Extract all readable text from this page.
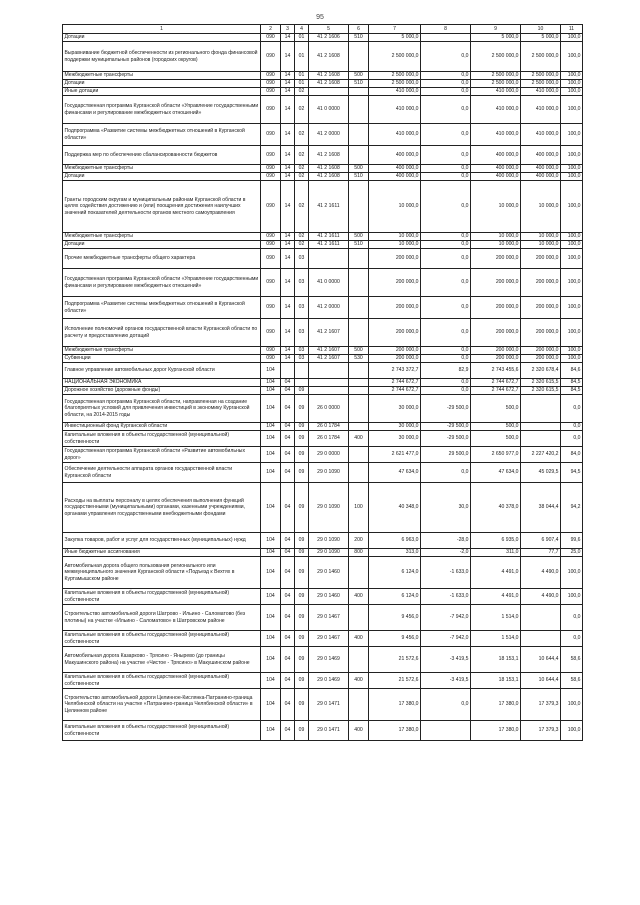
95
1	2	3	4	5	6	7	8	9	10	11
Дотации	090	14	01	41 2 1606	510	5 000,0		5 000,0	5 000,0	100,0
Выравнивание бюджетной обеспеченности из регионального фонда финансовой поддержки муниципальных районов (городских округов)	090	14	01	41 2 1608		2 500 000,0	0,0	2 500 000,0	2 500 000,0	100,0
Межбюджетные трансферты	090	14	01	41 2 1608	500	2 500 000,0	0,0	2 500 000,0	2 500 000,0	100,0
Дотации	090	14	01	41 2 1608	510	2 500 000,0	0,0	2 500 000,0	2 500 000,0	100,0
Иные дотации	090	14	02			410 000,0	0,0	410 000,0	410 000,0	100,0
Государственная программа Курганской области «Управление государственными финансами и регулирование межбюджетных отношений»	090	14	02	41 0 0000		410 000,0	0,0	410 000,0	410 000,0	100,0
Подпрограмма «Развитие системы межбюджетных отношений в Курганской области»	090	14	02	41 2 0000		410 000,0	0,0	410 000,0	410 000,0	100,0
Поддержка мер по обеспечению сбалансированности бюджетов	090	14	02	41 2 1608		400 000,0	0,0	400 000,0	400 000,0	100,0
Межбюджетные трансферты	090	14	02	41 2 1608	500	400 000,0	0,0	400 000,0	400 000,0	100,0
Дотации	090	14	02	41 2 1608	510	400 000,0	0,0	400 000,0	400 000,0	100,0
Гранты городским округам и муниципальным районам Курганской области в целях содействия достижению и (или) поощрения достижения наилучших значений показателей деятельности органов местного самоуправления	090	14	02	41 2 1611		10 000,0	0,0	10 000,0	10 000,0	100,0
Межбюджетные трансферты	090	14	02	41 2 1611	500	10 000,0	0,0	10 000,0	10 000,0	100,0
Дотации	090	14	02	41 2 1611	510	10 000,0	0,0	10 000,0	10 000,0	100,0
Прочие межбюджетные трансферты общего характера	090	14	03			200 000,0	0,0	200 000,0	200 000,0	100,0
Государственная программа Курганской области «Управление государственными финансами и регулирование межбюджетных отношений»	090	14	03	41 0 0000		200 000,0	0,0	200 000,0	200 000,0	100,0
Подпрограмма «Развитие системы межбюджетных отношений в Курганской области»	090	14	03	41 2 0000		200 000,0	0,0	200 000,0	200 000,0	100,0
Исполнение полномочий органов государственной власти Курганской области по расчету и предоставлению дотаций	090	14	03	41 2 1607		200 000,0	0,0	200 000,0	200 000,0	100,0
Межбюджетные трансферты	090	14	03	41 2 1607	500	200 000,0	0,0	200 000,0	200 000,0	100,0
Субвенции	090	14	03	41 2 1607	530	200 000,0	0,0	200 000,0	200 000,0	100,0
Главное управление автомобильных дорог Курганской области	104					2 743 372,7	82,9	2 743 455,6	2 320 678,4	84,6
НАЦИОНАЛЬНАЯ ЭКОНОМИКА	104	04				2 744 672,7	0,0	2 744 672,7	2 320 615,5	84,5
Дорожное хозяйство (дорожные фонды)	104	04	09			2 744 672,7	0,0	2 744 672,7	2 320 615,5	84,5
Государственная программа Курганской области, направленная на создание благоприятных условий для привлечения инвестиций в экономику Курганской области, на 2014-2015 годы	104	04	09	26 0 0000		30 000,0	-29 500,0	500,0		0,0
Инвестиционный фонд Курганской области	104	04	09	26 0 1784		30 000,0	-29 500,0	500,0		0,0
Капитальные вложения в объекты государственной (муниципальной) собственности	104	04	09	26 0 1784	400	30 000,0	-29 500,0	500,0		0,0
Государственная программа Курганской области «Развитие автомобильных дорог»	104	04	09	29 0 0000		2 621 477,0	29 500,0	2 650 977,0	2 227 420,2	84,0
Обеспечение деятельности аппарата органов государственной власти Курганской области	104	04	09	29 0 1090		47 634,0	0,0	47 634,0	45 029,5	94,5
Расходы на выплаты персоналу в целях обеспечения выполнения функций государственными (муниципальными) органами, казенными учреждениями, органами управления государственными внебюджетными фондами	104	04	09	29 0 1090	100	40 348,0	30,0	40 378,0	38 044,4	94,2
Закупка товаров, работ и услуг для государственных (муниципальных) нужд	104	04	09	29 0 1090	200	6 963,0	-28,0	6 935,0	6 907,4	99,6
Иные бюджетные ассигнования	104	04	09	29 0 1090	800	313,0	-2,0	311,0	77,7	25,0
Автомобильная дорога общего пользования регионального или межмуниципального значения Курганской области «Подъезд к Вехтях в Куртамышском районе	104	04	09	29 0 1460		6 124,0	-1 633,0	4 491,0	4 490,0	100,0
Капитальные вложения в объекты государственной (муниципальной) собственности	104	04	09	29 0 1460	400	6 124,0	-1 633,0	4 491,0	4 490,0	100,0
Строительство автомобильной дороги Шатрово - Ильино - Саломатово (без плотины) на участке «Ильино - Саломатово» в Шатровском районе	104	04	09	29 0 1467		9 456,0	-7 942,0	1 514,0		0,0
Капитальные вложения в объекты государственной (муниципальной) собственности	104	04	09	29 0 1467	400	9 456,0	-7 942,0	1 514,0		0,0
Автомобильная дорога Казарково - Трясино - Янырево (до границы Макушинского района) на участке «Чистое - Трясино» в Макушинском районе	104	04	09	29 0 1469		21 572,6	-3 419,5	18 153,1	10 644,4	58,6
Капитальные вложения в объекты государственной (муниципальной) собственности	104	04	09	29 0 1469	400	21 572,6	-3 419,5	18 153,1	10 644,4	58,6
Строительство автомобильной дороги Целинное-Кислянка-Патранино-граница Челябинской области на участке «Патранино-граница Челябинской области» в Целинном районе	104	04	09	29 0 1471		17 380,0	0,0	17 380,0	17 379,3	100,0
Капитальные вложения в объекты государственной (муниципальной) собственности	104	04	09	29 0 1471	400	17 380,0		17 380,0	17 379,3	100,0
